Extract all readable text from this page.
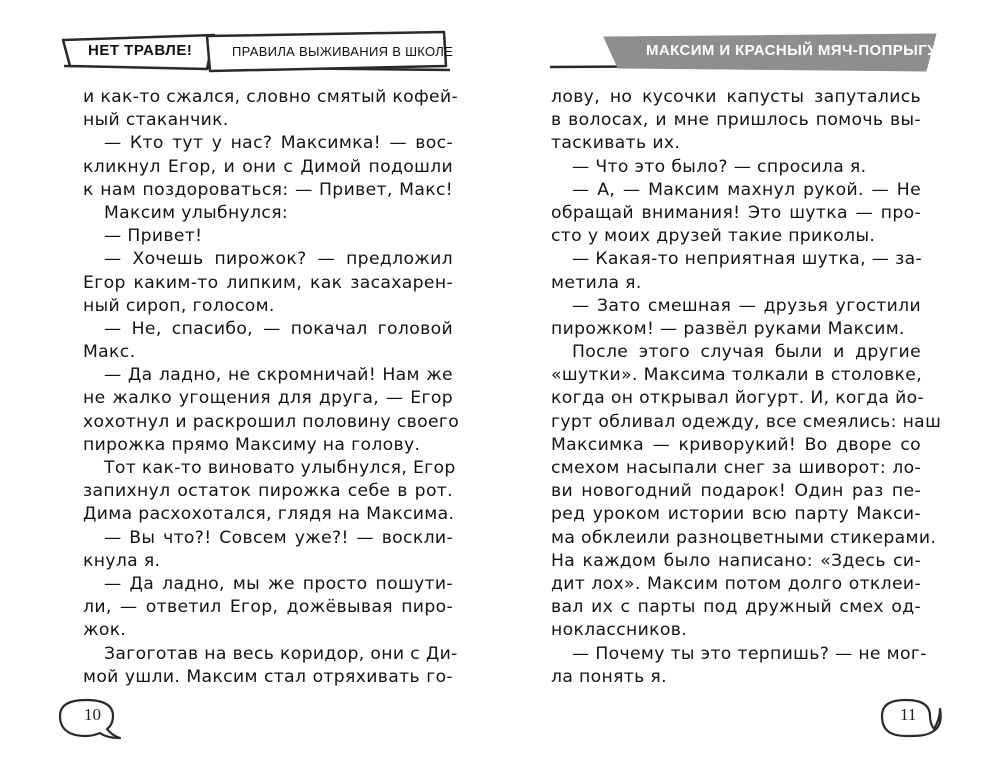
НЕТ ТРАВЛЕ!	ПРАВИЛА ВЫЖИВАНИЯ В ШКОЛЕ
и как-то сжался, словно смятый кофей-
ный стаканчик.
— Кто тут у нас? Максимка! — вос-
кликнул Егор, и они с Димой подошли
к нам поздороваться: — Привет, Макс!
Максим улыбнулся:
— Привет!
— Хочешь пирожок? — предложил
Егор каким-то липким, как засахарен-
ный сироп, голосом.
— Не, спасибо, — покачал головой
Макс.
— Да ладно, не скромничай! Нам же
не жалко угощения для друга, — Егор
хохотнул и раскрошил половину своего
пирожка прямо Максиму на голову.
Тот как-то виновато улыбнулся, Егор
запихнул остаток пирожка себе в рот.
Дима расхохотался, глядя на Максима.
— Вы что?! Совсем уже?! — воскли-
кнула я.
— Да ладно, мы же просто пошути-
ли, — ответил Егор, дожёвывая пиро-
жок.
Загоготав на весь коридор, они с Ди-
мой ушли. Максим стал отряхивать го-
10
МАКСИМ И КРАСНЫЙ МЯЧ-ПОПРЫГУНЧИК
лову, но кусочки капусты запутались
в волосах, и мне пришлось помочь вы-
таскивать их.
— Что это было? — спросила я.
— А, — Максим махнул рукой. — Не
обращай внимания! Это шутка — про-
сто у моих друзей такие приколы.
— Какая-то неприятная шутка, — за-
метила я.
— Зато смешная — друзья угостили
пирожком! — развёл руками Максим.
После этого случая были и другие
«шутки». Максима толкали в столовке,
когда он открывал йогурт. И, когда йо-
гурт обливал одежду, все смеялись: наш
Максимка — криворукий! Во дворе со
смехом насыпали снег за шиворот: ло-
ви новогодний подарок! Один раз пе-
ред уроком истории всю парту Макси-
ма обклеили разноцветными стикерами.
На каждом было написано: «Здесь си-
дит лох». Максим потом долго отклеи-
вал их с парты под дружный смех од-
ноклассников.
— Почему ты это терпишь? — не мог-
ла понять я.
11
